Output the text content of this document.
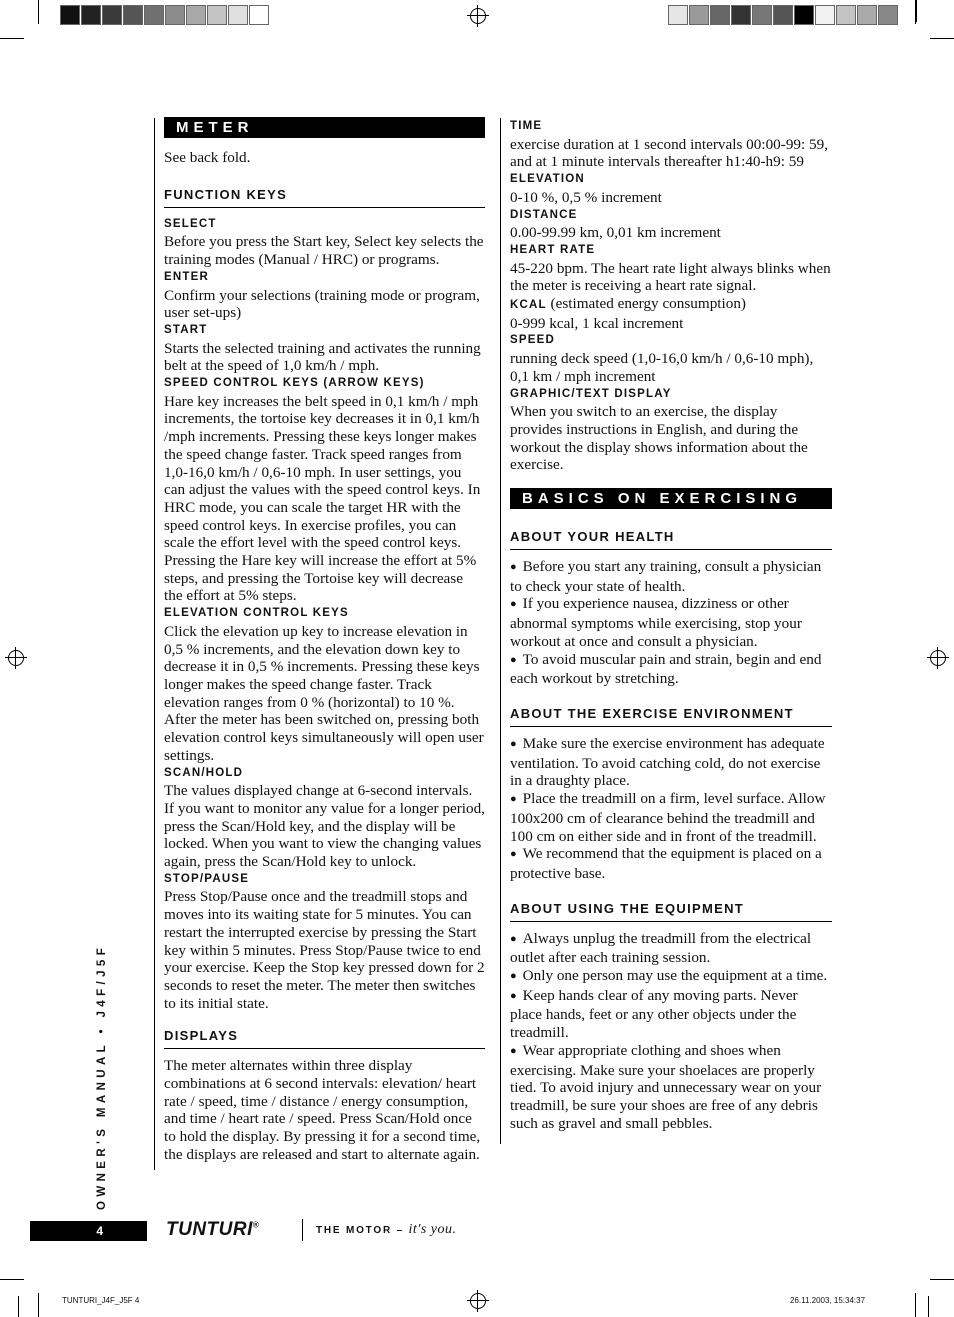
METER

See back fold.

FUNCTION KEYS
SELECT

Before you press the Start key, Select key selects the training modes (Manual / HRC) or programs.

ENTER

Confirm your selections (training mode or program, user set-ups)

START

Starts the selected training and activates the running belt at the speed of 1,0 km/h / mph.

SPEED CONTROL KEYS (ARROW KEYS)

Hare key increases the belt speed in 0,1 km/h / mph increments, the tortoise key decreases it in 0,1 km/h /mph increments. Pressing these keys longer makes the speed change faster. Track speed ranges from 1,0-16,0 km/h / 0,6-10 mph. In user settings, you can adjust the values with the speed control keys. In HRC mode, you can scale the target HR with the speed control keys. In exercise profiles, you can scale the effort level with the speed control keys. Pressing the Hare key will increase the effort at 5% steps, and pressing the Tortoise key will decrease the effort at 5% steps.

ELEVATION CONTROL KEYS

Click the elevation up key to increase elevation in 0,5 % increments, and the elevation down key to decrease it in 0,5 % increments. Pressing these keys longer makes the speed change faster. Track elevation ranges from 0 % (horizontal) to 10 %. After the meter has been switched on, pressing both elevation control keys simultaneously will open user settings.

SCAN/HOLD

The values displayed change at 6-second intervals. If you want to monitor any value for a longer period, press the Scan/Hold key, and the display will be locked. When you want to view the changing values again, press the Scan/Hold key to unlock.

STOP/PAUSE

Press Stop/Pause once and the treadmill stops and moves into its waiting state for 5 minutes. You can restart the interrupted exercise by pressing the Start key within 5 minutes. Press Stop/Pause twice to end your exercise. Keep the Stop key pressed down for 2 seconds to reset the meter. The meter then switches to its initial state.

DISPLAYS

The meter alternates within three display combinations at 6 second intervals: elevation/ heart rate / speed, time / distance / energy consumption, and time / heart rate / speed. Press Scan/Hold once to hold the display. By pressing it for a second time, the displays are released and start to alternate again.

TIME

exercise duration at 1 second intervals 00:00-99: 59, and at 1 minute intervals thereafter h1:40-h9: 59

ELEVATION

0-10 %, 0,5 % increment

DISTANCE

0.00-99.99 km, 0,01 km increment

HEART RATE

45-220 bpm. The heart rate light always blinks when the meter is receiving a heart rate signal.

KCAL (estimated energy consumption)

0-999 kcal, 1 kcal increment

SPEED

running deck speed (1,0-16,0 km/h / 0,6-10 mph), 0,1 km / mph increment

GRAPHIC/TEXT DISPLAY

When you switch to an exercise, the display provides instructions in English, and during the workout the display shows information about the exercise.

BASICS ON EXERCISING
ABOUT YOUR HEALTH

● Before you start any training, consult a physician to check your state of health.

● If you experience nausea, dizziness or other abnormal symptoms while exercising, stop your workout at once and consult a physician.

● To avoid muscular pain and strain, begin and end each workout by stretching.

ABOUT THE EXERCISE ENVIRONMENT

● Make sure the exercise environment has adequate ventilation. To avoid catching cold, do not exercise in a draughty place.

● Place the treadmill on a firm, level surface. Allow 100x200 cm of clearance behind the treadmill and 100 cm on either side and in front of the treadmill.

● We recommend that the equipment is placed on a protective base.

ABOUT USING THE EQUIPMENT

● Always unplug the treadmill from the electrical outlet after each training session.

● Only one person may use the equipment at a time.

● Keep hands clear of any moving parts. Never place hands, feet or any other objects under the treadmill.

● Wear appropriate clothing and shoes when exercising. Make sure your shoelaces are properly tied. To avoid injury and unnecessary wear on your treadmill, be sure your shoes are free of any debris such as gravel and small pebbles.

OWNER'S MANUAL • J4F/J5F
4	TUNTURI®	THE MOTOR – it's you.
TUNTURI_J4F_J5F 4	26.11.2003, 15:34:37
